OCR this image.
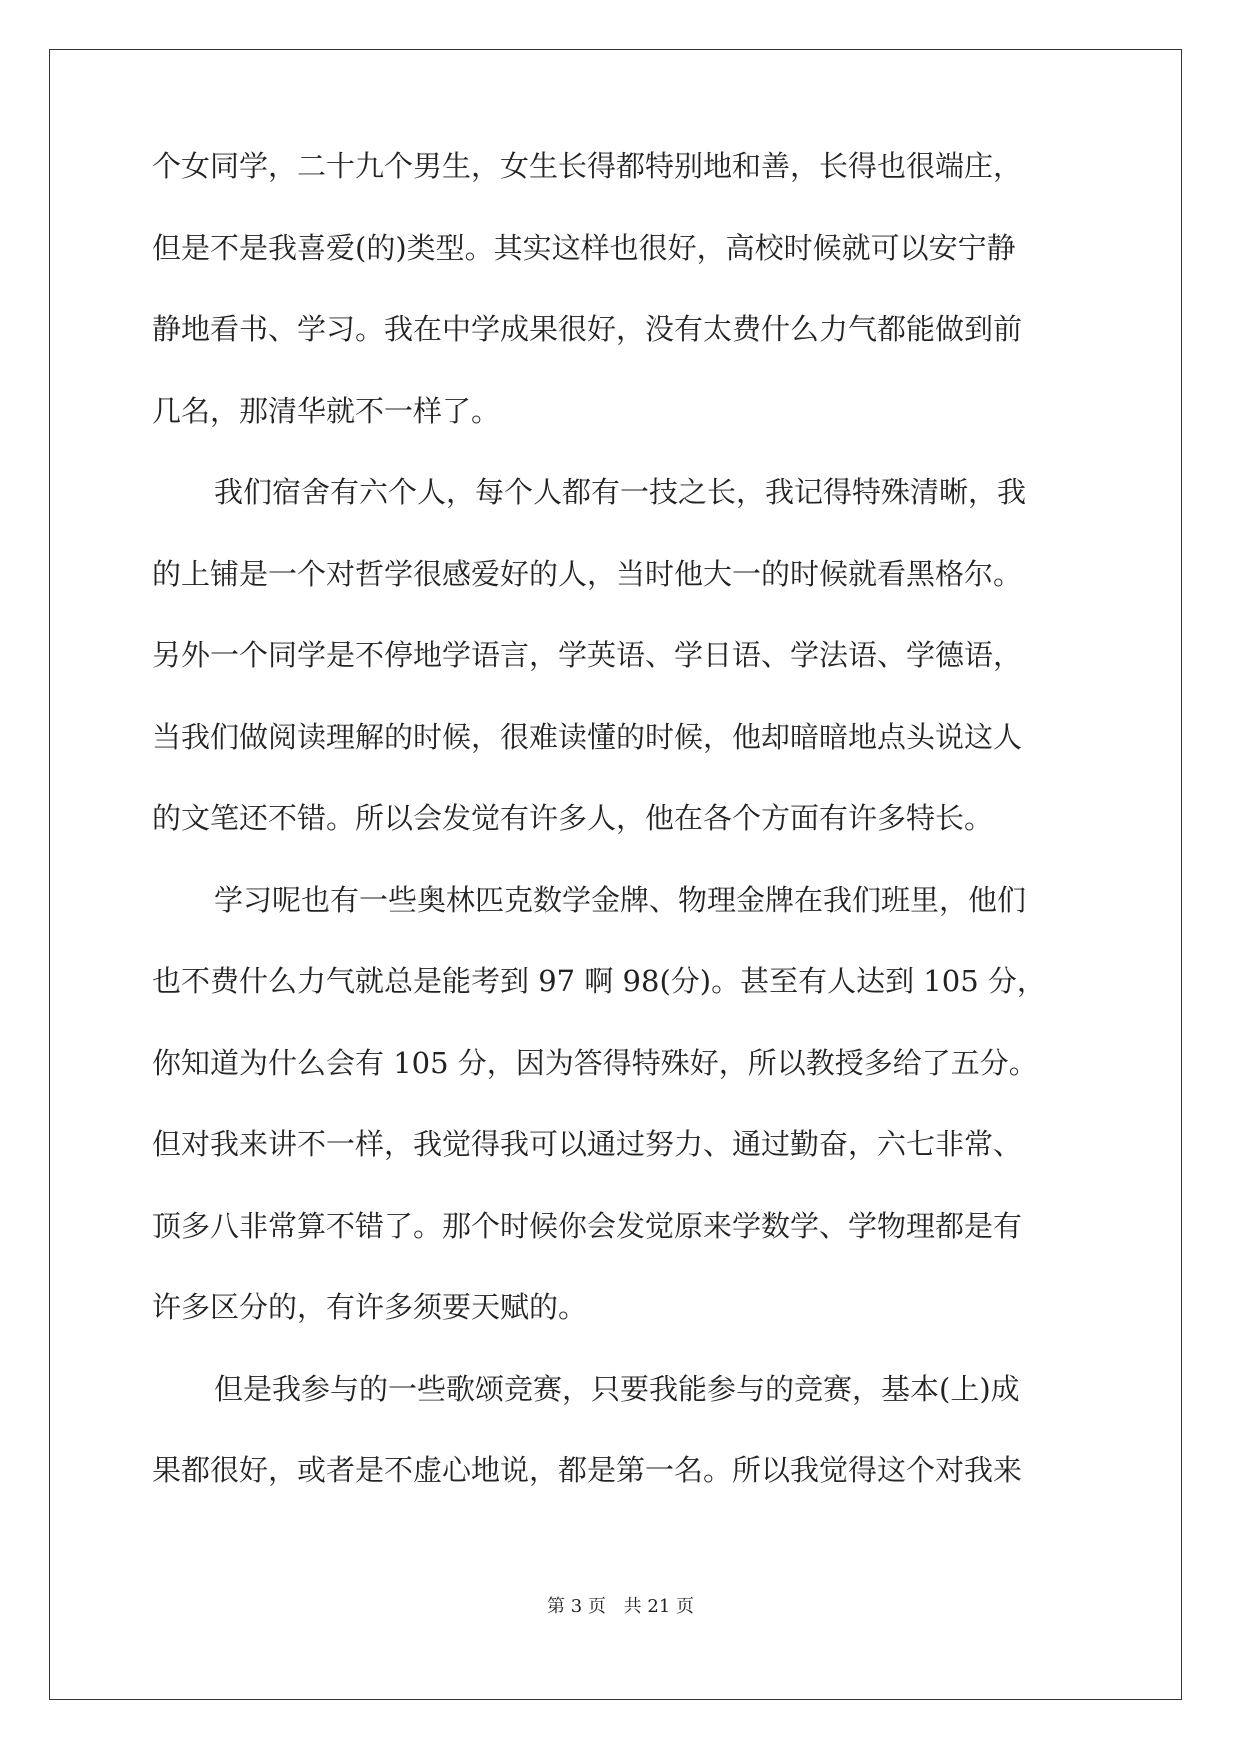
个女同学，二十九个男生，女生长得都特别地和善，长得也很端庄，
但是不是我喜爱(的)类型。其实这样也很好，高校时候就可以安宁静
静地看书、学习。我在中学成果很好，没有太费什么力气都能做到前
几名，那清华就不一样了。
我们宿舍有六个人，每个人都有一技之长，我记得特殊清晰，我
的上铺是一个对哲学很感爱好的人，当时他大一的时候就看黑格尔。
另外一个同学是不停地学语言，学英语、学日语、学法语、学德语，
当我们做阅读理解的时候，很难读懂的时候，他却暗暗地点头说这人
的文笔还不错。所以会发觉有许多人，他在各个方面有许多特长。
学习呢也有一些奥林匹克数学金牌、物理金牌在我们班里，他们
也不费什么力气就总是能考到 97 啊 98(分)。甚至有人达到 105 分，
你知道为什么会有 105 分，因为答得特殊好，所以教授多给了五分。
但对我来讲不一样，我觉得我可以通过努力、通过勤奋，六七非常、
顶多八非常算不错了。那个时候你会发觉原来学数学、学物理都是有
许多区分的，有许多须要天赋的。
但是我参与的一些歌颂竞赛，只要我能参与的竞赛，基本(上)成
果都很好，或者是不虚心地说，都是第一名。所以我觉得这个对我来
第 3 页 共 21 页
